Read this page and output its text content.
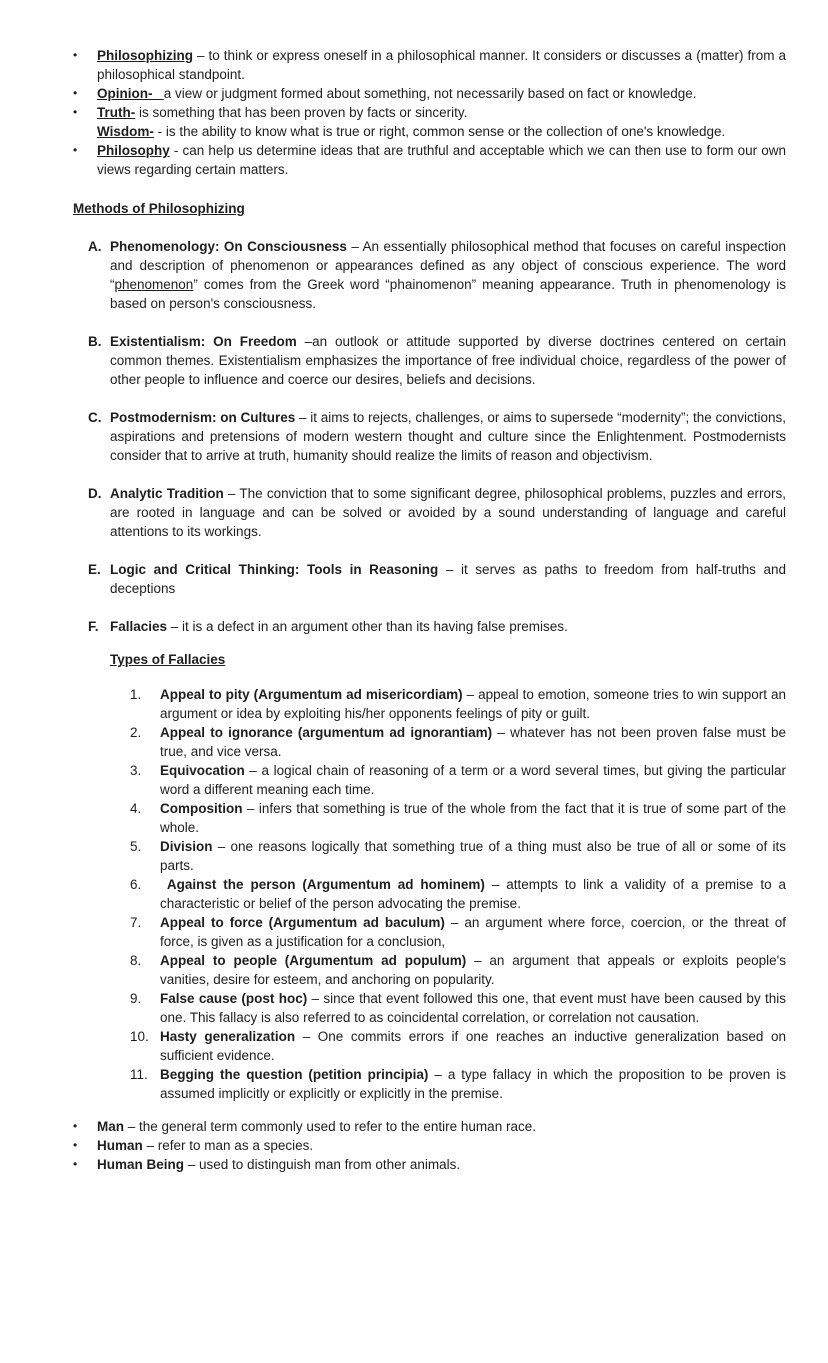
•	Philosophizing – to think or express oneself in a philosophical manner. It considers or discusses a (matter) from a philosophical standpoint.
•	Opinion- a view or judgment formed about something, not necessarily based on fact or knowledge.
•	Truth- is something that has been proven by facts or sincerity.
Wisdom- - is the ability to know what is true or right, common sense or the collection of one's knowledge.
•	Philosophy - can help us determine ideas that are truthful and acceptable which we can then use to form our own views regarding certain matters.
Methods of Philosophizing
A. Phenomenology: On Consciousness – An essentially philosophical method that focuses on careful inspection and description of phenomenon or appearances defined as any object of conscious experience. The word “phenomenon” comes from the Greek word “phainomenon” meaning appearance. Truth in phenomenology is based on person's consciousness.
B. Existentialism: On Freedom –an outlook or attitude supported by diverse doctrines centered on certain common themes. Existentialism emphasizes the importance of free individual choice, regardless of the power of other people to influence and coerce our desires, beliefs and decisions.
C. Postmodernism: on Cultures – it aims to rejects, challenges, or aims to supersede “modernity”; the convictions, aspirations and pretensions of modern western thought and culture since the Enlightenment. Postmodernists consider that to arrive at truth, humanity should realize the limits of reason and objectivism.
D. Analytic Tradition – The conviction that to some significant degree, philosophical problems, puzzles and errors, are rooted in language and can be solved or avoided by a sound understanding of language and careful attentions to its workings.
E. Logic and Critical Thinking: Tools in Reasoning – it serves as paths to freedom from half-truths and deceptions
F. Fallacies – it is a defect in an argument other than its having false premises.
Types of Fallacies
1.	Appeal to pity (Argumentum ad misericordiam) – appeal to emotion, someone tries to win support an argument or idea by exploiting his/her opponents feelings of pity or guilt.
2.	Appeal to ignorance (argumentum ad ignorantiam) – whatever has not been proven false must be true, and vice versa.
3.	Equivocation – a logical chain of reasoning of a term or a word several times, but giving the particular word a different meaning each time.
4.	Composition – infers that something is true of the whole from the fact that it is true of some part of the whole.
5.	Division – one reasons logically that something true of a thing must also be true of all or some of its parts.
6.	Against the person (Argumentum ad hominem) – attempts to link a validity of a premise to a characteristic or belief of the person advocating the premise.
7.	Appeal to force (Argumentum ad baculum) – an argument where force, coercion, or the threat of force, is given as a justification for a conclusion,
8.	Appeal to people (Argumentum ad populum) – an argument that appeals or exploits people's vanities, desire for esteem, and anchoring on popularity.
9.	False cause (post hoc) – since that event followed this one, that event must have been caused by this one. This fallacy is also referred to as coincidental correlation, or correlation not causation.
10. Hasty generalization – One commits errors if one reaches an inductive generalization based on sufficient evidence.
11. Begging the question (petition principia) – a type fallacy in which the proposition to be proven is assumed implicitly or explicitly or explicitly in the premise.
•	Man – the general term commonly used to refer to the entire human race.
•	Human – refer to man as a species.
•	Human Being – used to distinguish man from other animals.
